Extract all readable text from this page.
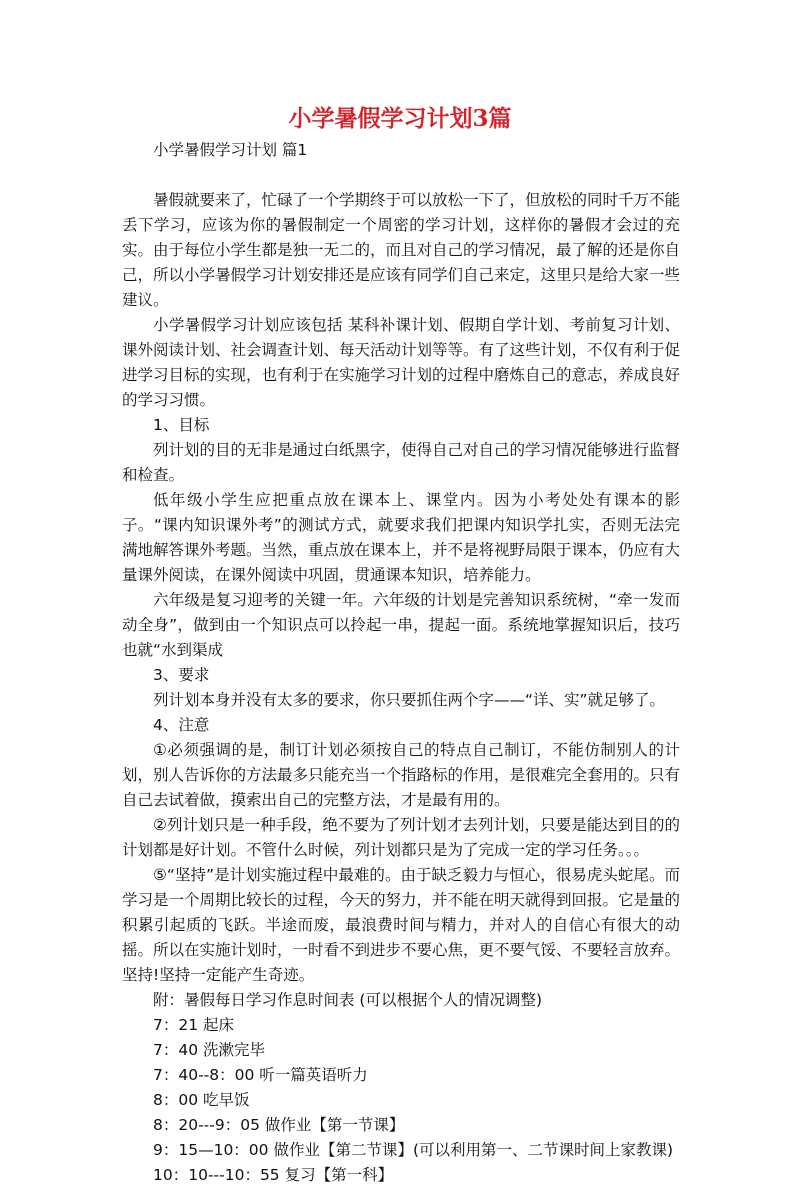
小学暑假学习计划3篇

小学暑假学习计划 篇1

暑假就要来了，忙碌了一个学期终于可以放松一下了，但放松的同时千万不能丢下学习，应该为你的暑假制定一个周密的学习计划，这样你的暑假才会过的充实。由于每位小学生都是独一无二的，而且对自己的学习情况，最了解的还是你自己，所以小学暑假学习计划安排还是应该有同学们自己来定，这里只是给大家一些建议。

小学暑假学习计划应该包括 某科补课计划、假期自学计划、考前复习计划、课外阅读计划、社会调查计划、每天活动计划等等。有了这些计划，不仅有利于促进学习目标的实现，也有利于在实施学习计划的过程中磨炼自己的意志，养成良好的学习习惯。

1、目标

列计划的目的无非是通过白纸黑字，使得自己对自己的学习情况能够进行监督和检查。

低年级小学生应把重点放在课本上、课堂内。因为小考处处有课本的影子。“课内知识课外考”的测试方式，就要求我们把课内知识学扎实，否则无法完满地解答课外考题。当然，重点放在课本上，并不是将视野局限于课本，仍应有大量课外阅读，在课外阅读中巩固，贯通课本知识，培养能力。

六年级是复习迎考的关键一年。六年级的计划是完善知识系统树，“牵一发而动全身”，做到由一个知识点可以拎起一串，提起一面。系统地掌握知识后，技巧也就“水到渠成

3、要求

列计划本身并没有太多的要求，你只要抓住两个字——“详、实”就足够了。

4、注意

①必须强调的是，制订计划必须按自己的特点自己制订，不能仿制别人的计划，别人告诉你的方法最多只能充当一个指路标的作用，是很难完全套用的。只有自己去试着做，摸索出自己的完整方法，才是最有用的。

②列计划只是一种手段，绝不要为了列计划才去列计划，只要是能达到目的的计划都是好计划。不管什么时候，列计划都只是为了完成一定的学习任务。。。

⑤“坚持”是计划实施过程中最难的。由于缺乏毅力与恒心，很易虎头蛇尾。而学习是一个周期比较长的过程，今天的努力，并不能在明天就得到回报。它是量的积累引起质的飞跃。半途而废，最浪费时间与精力，并对人的自信心有很大的动摇。所以在实施计划时，一时看不到进步不要心焦，更不要气馁、不要轻言放弃。坚持!坚持一定能产生奇迹。

附：暑假每日学习作息时间表 (可以根据个人的情况调整)

7：21 起床
7：40 洗漱完毕
7：40--8：00 听一篇英语听力
8：00 吃早饭
8：20---9：05 做作业【第一节课】
9：15—10：00 做作业【第二节课】(可以利用第一、二节课时间上家教课)
10：10---10：55 复习【第一科】
